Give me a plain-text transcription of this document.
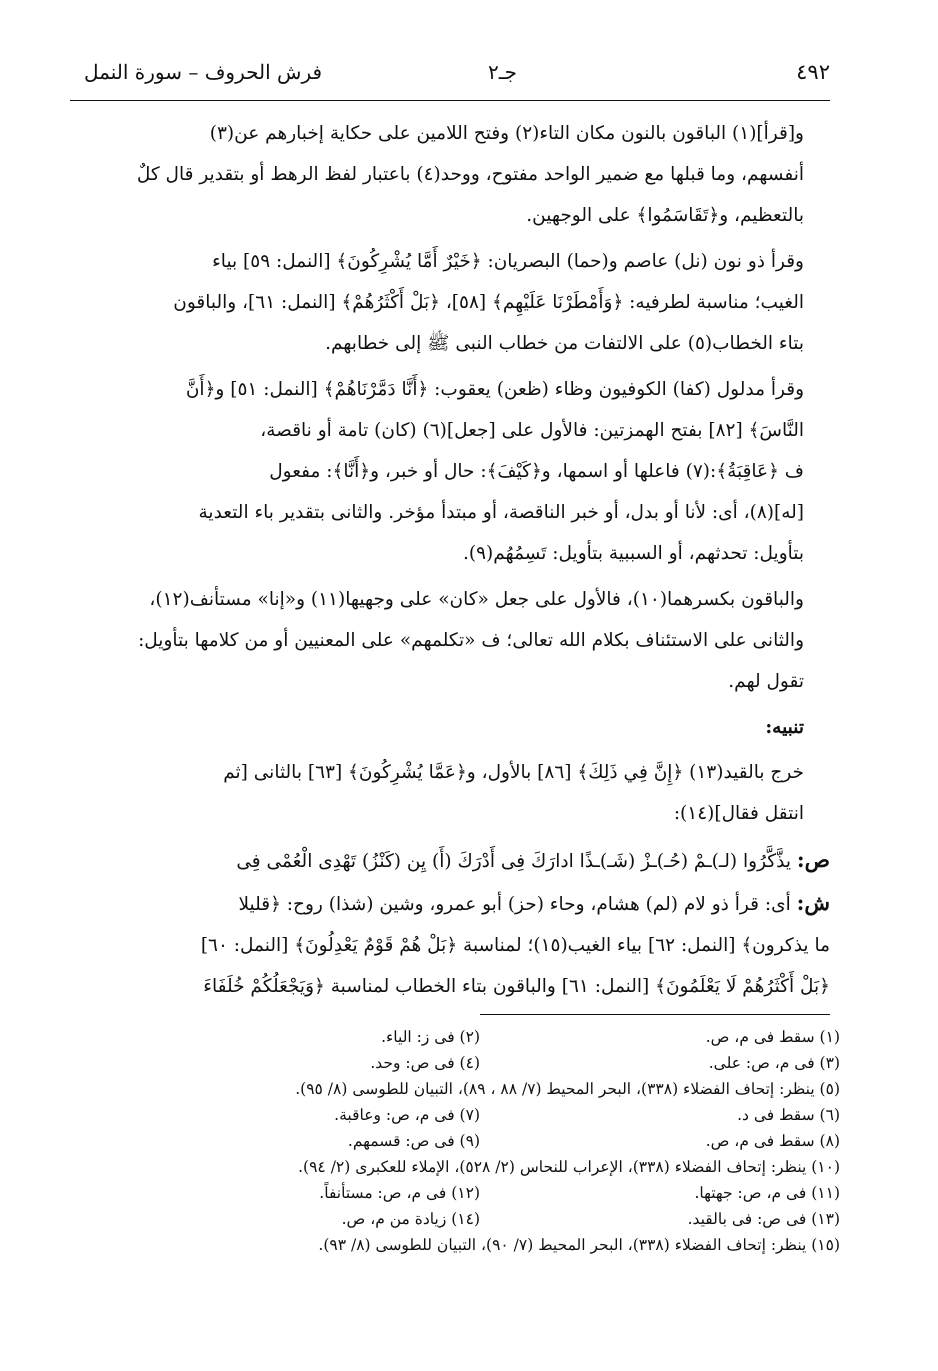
٤٩٢
جـ٢
فرش الحروف – سورة النمل
و[قرأ](١) الباقون بالنون مكان التاء(٢) وفتح اللامين على حكاية إخبارهم عن(٣)
أنفسهم، وما قبلها مع ضمير الواحد مفتوح، ووحد(٤) باعتبار لفظ الرهط أو بتقدير قال كلٌ
بالتعظيم، و﴿تَقَاسَمُوا﴾ على الوجهين.
وقرأ ذو نون (نل) عاصم و(حما) البصريان: ﴿خَيْرٌ أَمَّا يُشْرِكُونَ﴾ [النمل: ٥٩] بياء
الغيب؛ مناسبة لطرفيه: ﴿وَأَمْطَرْنَا عَلَيْهِم﴾ [٥٨]، ﴿بَلْ أَكْثَرُهُمْ﴾ [النمل: ٦١]، والباقون
بتاء الخطاب(٥) على الالتفات من خطاب النبى ﷺ إلى خطابهم.
وقرأ مدلول (كفا) الكوفيون وظاء (ظعن) يعقوب: ﴿أَنَّا دَمَّرْنَاهُمْ﴾ [النمل: ٥١] و﴿أَنَّ
النَّاسَ﴾ [٨٢] بفتح الهمزتين: فالأول على [جعل](٦) (كان) تامة أو ناقصة،
ف ﴿عَاقِبَةُ﴾:(٧) فاعلها أو اسمها، و﴿كَيْفَ﴾: حال أو خبر، و﴿أَنَّا﴾: مفعول
[له](٨)، أى: لأنا أو بدل، أو خبر الناقصة، أو مبتدأ مؤخر. والثانى بتقدير باء التعدية
بتأويل: تحدثهم، أو السببية بتأويل: تَسِمُهُم(٩).
والباقون بكسرهما(١٠)، فالأول على جعل «كان» على وجهيها(١١) و«إنا» مستأنف(١٢)،
والثانى على الاستئناف بكلام الله تعالى؛ ف «تكلمهم» على المعنيين أو من كلامها بتأويل:
تقول لهم.
تنبيه:
خرج بالقيد(١٣) ﴿إِنَّ فِي ذَلِكَ﴾ [٨٦] بالأول، و﴿عَمَّا يُشْرِكُونَ﴾ [٦٣] بالثانى [ثم
انتقل فقال](١٤):
ص: يذَّكَّرُوا (لـ)ـمْ (حُـ)ـزْ (شَـ)ـذًا ادارَكَ فِى أَدْرَكَ (أَ) يِن (كَنْزُ) تَهْدِى الْعُمْى فِى
ش: أى: قرأ ذو لام (لم) هشام، وحاء (حز) أبو عمرو، وشين (شذا) روح: ﴿قليلا
ما يذكرون﴾ [النمل: ٦٢] بياء الغيب(١٥)؛ لمناسبة ﴿بَلْ هُمْ قَوْمٌ يَعْدِلُونَ﴾ [النمل: ٦٠]
﴿بَلْ أَكْثَرُهُمْ لَا يَعْلَمُونَ﴾ [النمل: ٦١] والباقون بتاء الخطاب لمناسبة ﴿وَيَجْعَلُكُمْ خُلَفَاءَ
(١) سقط فى م، ص.
(٢) فى ز: الياء.
(٣) فى م، ص: على.
(٤) فى ص: وحد.
(٥) ينظر: إتحاف الفضلاء (٣٣٨)، البحر المحيط (٧/ ٨٨ ، ٨٩)، التبيان للطوسى (٨/ ٩٥).
(٦) سقط فى د.
(٧) فى م، ص: وعاقبة.
(٨) سقط فى م، ص.
(٩) فى ص: قسمهم.
(١٠) ينظر: إتحاف الفضلاء (٣٣٨)، الإعراب للنحاس (٢/ ٥٢٨)، الإملاء للعكبرى (٢/ ٩٤).
(١١) فى م، ص: جهتها.
(١٢) فى م، ص: مستأنفاً.
(١٣) فى ص: فى بالقيد.
(١٤) زيادة من م، ص.
(١٥) ينظر: إتحاف الفضلاء (٣٣٨)، البحر المحيط (٧/ ٩٠)، التبيان للطوسى (٨/ ٩٣).
